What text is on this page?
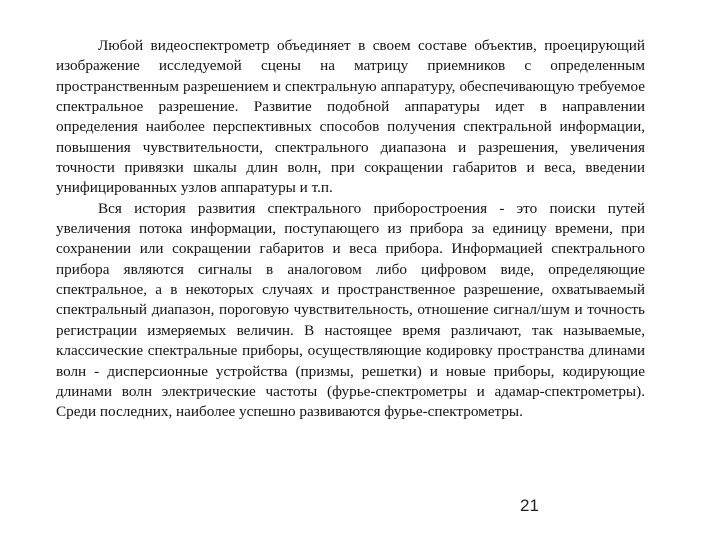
Любой видеоспектрометр объединяет в своем составе объектив, проецирующий изображение исследуемой сцены на матрицу приемников с определенным пространственным разрешением и спектральную аппаратуру, обеспечивающую требуемое спектральное разрешение. Развитие подобной аппаратуры идет в направлении определения наиболее перспективных способов получения спектральной информации, повышения чувствительности, спектрального диапазона и разрешения, увеличения точности привязки шкалы длин волн, при сокращении габаритов и веса, введении унифицированных узлов аппаратуры и т.п.

Вся история развития спектрального приборостроения - это поиски путей увеличения потока информации, поступающего из прибора за единицу времени, при сохранении или сокращении габаритов и веса прибора. Информацией спектрального прибора являются сигналы в аналоговом либо цифровом виде, определяющие спектральное, а в некоторых случаях и пространственное разрешение, охватываемый спектральный диапазон, пороговую чувствительность, отношение сигнал/шум и точность регистрации измеряемых величин. В настоящее время различают, так называемые, классические спектральные приборы, осуществляющие кодировку пространства длинами волн - дисперсионные устройства (призмы, решетки) и новые приборы, кодирующие длинами волн электрические частоты (фурье-спектрометры и адамар-спектрометры). Среди последних, наиболее успешно развиваются фурье-спектрометры.

21
